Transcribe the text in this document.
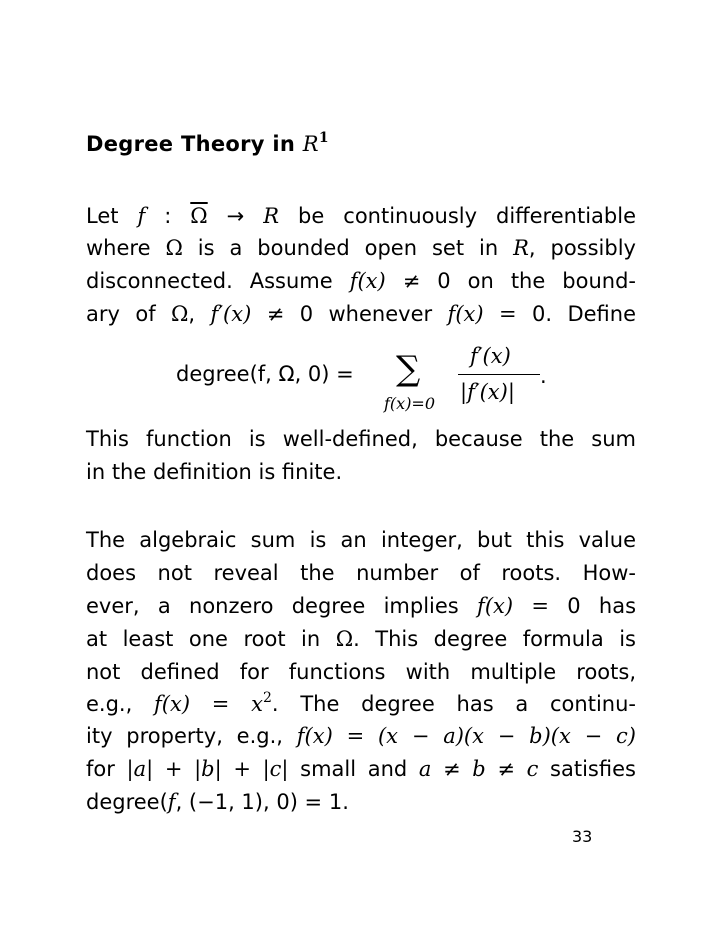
Degree Theory in $R^1$
Let f : $\overline{\Omega} \to R$ be continuously differentiable
where Ω is a bounded open set in R, possibly
disconnected. Assume f(x) ≠ 0 on the bound-
ary of Ω, f′(x) ≠ 0 whenever f(x) = 0. Define
degree(f, Ω, 0) = ∑
f(x)=0
f′(x)
|f′(x)|
.
This function is well-defined, because the sum
in the definition is finite.
The algebraic sum is an integer, but this value
does not reveal the number of roots. How-
ever, a nonzero degree implies f(x) = 0 has
at least one root in Ω. This degree formula is
not defined for functions with multiple roots,
e.g., $f(x) = x^2$. The degree has a continu-
ity property, e.g., f(x) = (x − a)(x − b)(x − c)
for |a| + |b| + |c| small and a ≠ b ≠ c satisfies
degree(f, (−1, 1), 0) = 1.
33
